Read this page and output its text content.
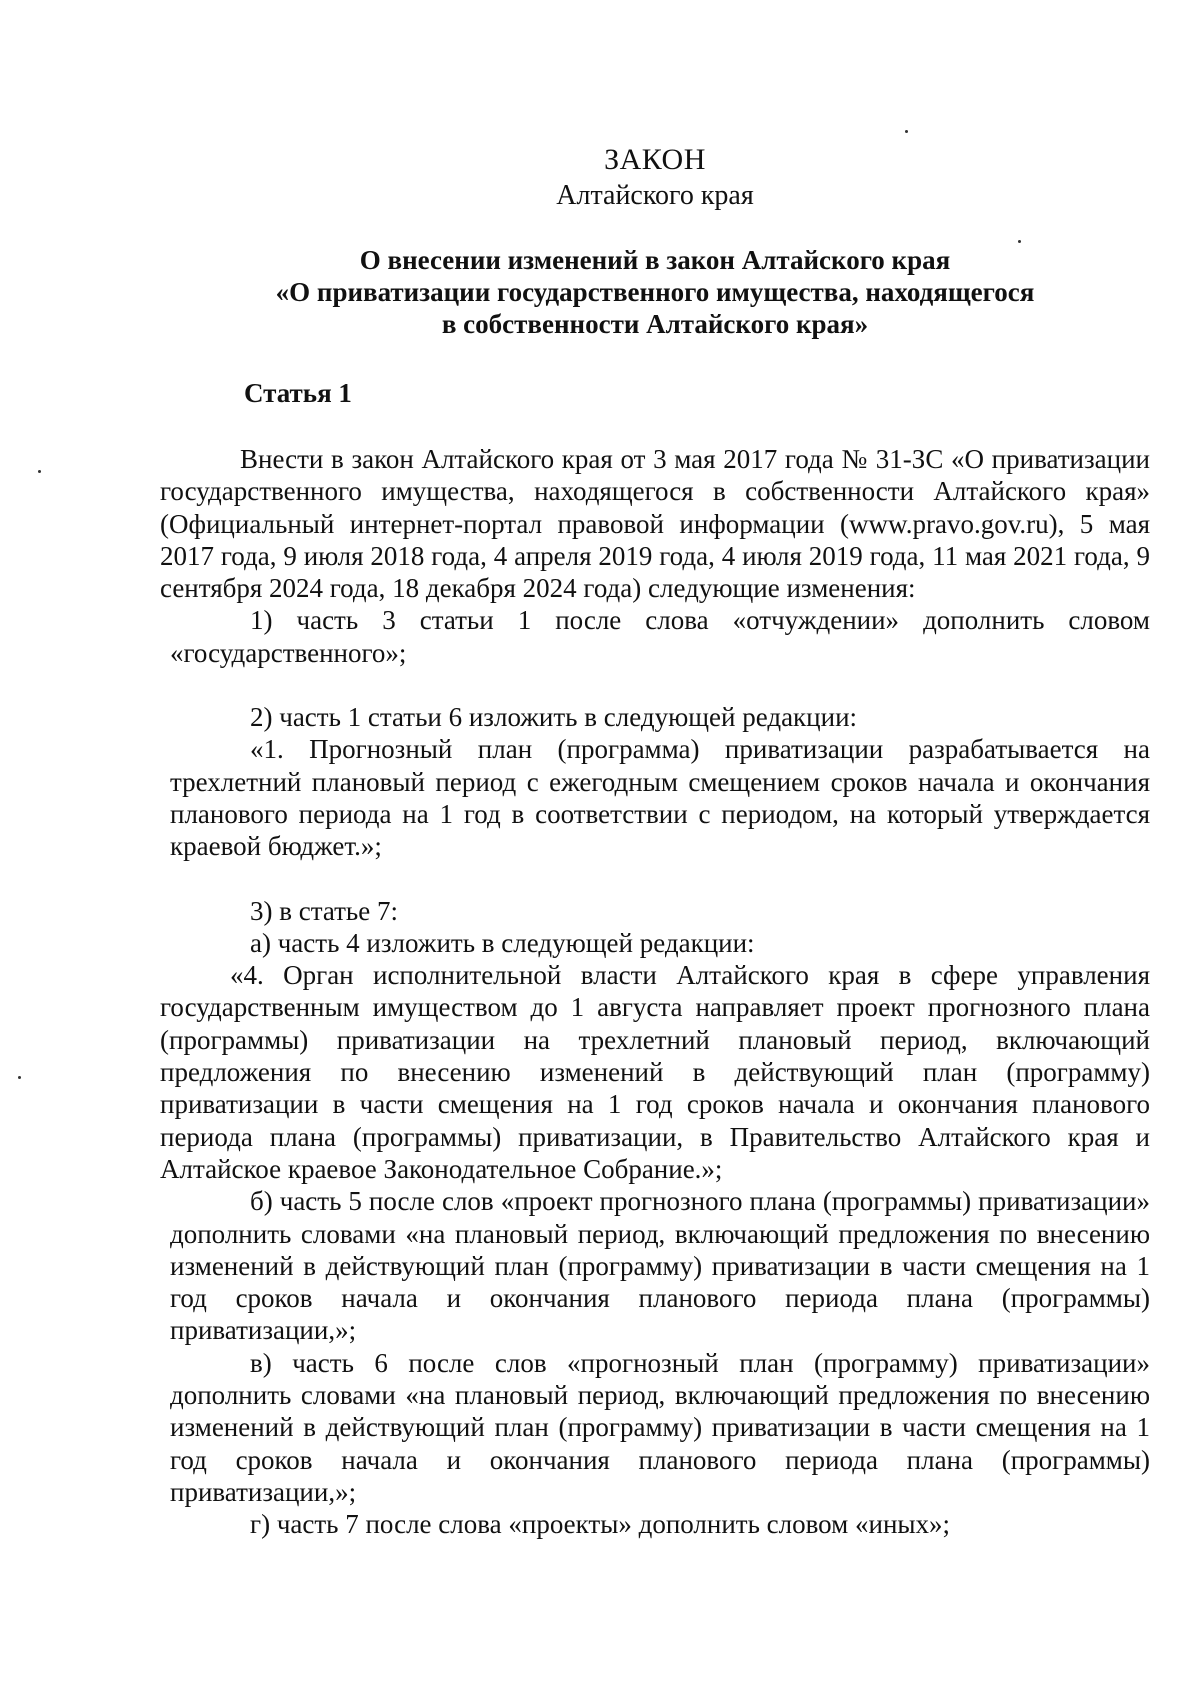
ЗАКОН
Алтайского края
О внесении изменений в закон Алтайского края
«О приватизации государственного имущества, находящегося
в собственности Алтайского края»
Статья 1

Внести в закон Алтайского края от 3 мая 2017 года № 31-ЗС «О приватизации государственного имущества, находящегося в собственности Алтайского края» (Официальный интернет-портал правовой информации (www.pravo.gov.ru), 5 мая 2017 года, 9 июля 2018 года, 4 апреля 2019 года, 4 июля 2019 года, 11 мая 2021 года, 9 сентября 2024 года, 18 декабря 2024 года) следующие изменения:

1) часть 3 статьи 1 после слова «отчуждении» дополнить словом «государственного»;

2) часть 1 статьи 6 изложить в следующей редакции:

«1. Прогнозный план (программа) приватизации разрабатывается на трехлетний плановый период с ежегодным смещением сроков начала и окончания планового периода на 1 год в соответствии с периодом, на который утверждается краевой бюджет.»;

3) в статье 7:

а) часть 4 изложить в следующей редакции:

«4. Орган исполнительной власти Алтайского края в сфере управления государственным имуществом до 1 августа направляет проект прогнозного плана (программы) приватизации на трехлетний плановый период, включающий предложения по внесению изменений в действующий план (программу) приватизации в части смещения на 1 год сроков начала и окончания планового периода плана (программы) приватизации, в Правительство Алтайского края и Алтайское краевое Законодательное Собрание.»;

б) часть 5 после слов «проект прогнозного плана (программы) приватизации» дополнить словами «на плановый период, включающий предложения по внесению изменений в действующий план (программу) приватизации в части смещения на 1 год сроков начала и окончания планового периода плана (программы) приватизации,»;

в) часть 6 после слов «прогнозный план (программу) приватизации» дополнить словами «на плановый период, включающий предложения по внесению изменений в действующий план (программу) приватизации в части смещения на 1 год сроков начала и окончания планового периода плана (программы) приватизации,»;

г) часть 7 после слова «проекты» дополнить словом «иных»;
